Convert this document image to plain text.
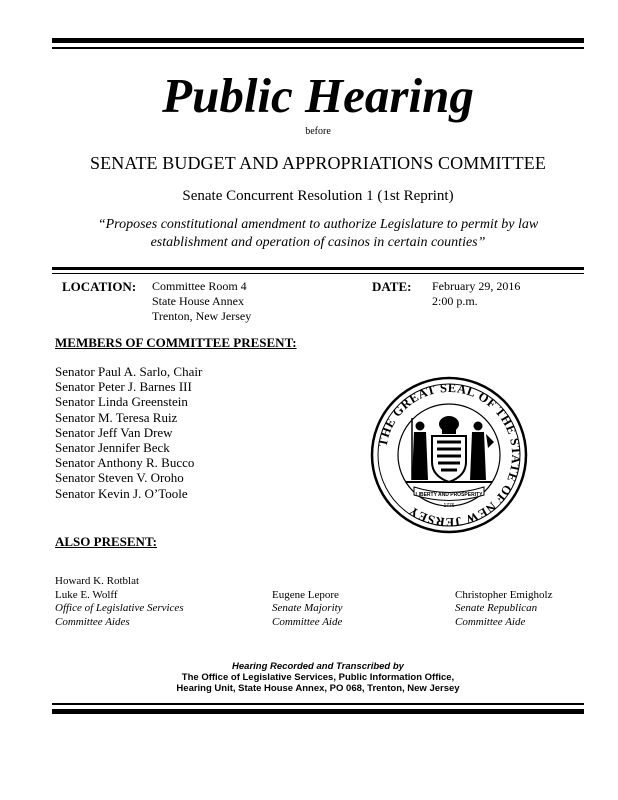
Public Hearing
before
SENATE BUDGET AND APPROPRIATIONS COMMITTEE
Senate Concurrent Resolution 1 (1st Reprint)
“Proposes constitutional amendment to authorize Legislature to permit by law
establishment and operation of casinos in certain counties”
LOCATION: Committee Room 4
State House Annex
Trenton, New Jersey
DATE: February 29, 2016
2:00 p.m.
MEMBERS OF COMMITTEE PRESENT:
Senator Paul A. Sarlo, Chair
Senator Peter J. Barnes III
Senator Linda Greenstein
Senator M. Teresa Ruiz
Senator Jeff Van Drew
Senator Jennifer Beck
Senator Anthony R. Bucco
Senator Steven V. Oroho
Senator Kevin J. O’Toole
THE GREAT SEAL OF THE STATE OF NEW JERSEY
LIBERTY AND PROSPERITY
1776
ALSO PRESENT:
Howard K. Rotblat
Luke E. Wolff
Office of Legislative Services
Committee Aides
Eugene Lepore
Senate Majority
Committee Aide
Christopher Emigholz
Senate Republican
Committee Aide
Hearing Recorded and Transcribed by
The Office of Legislative Services, Public Information Office,
Hearing Unit, State House Annex, PO 068, Trenton, New Jersey
